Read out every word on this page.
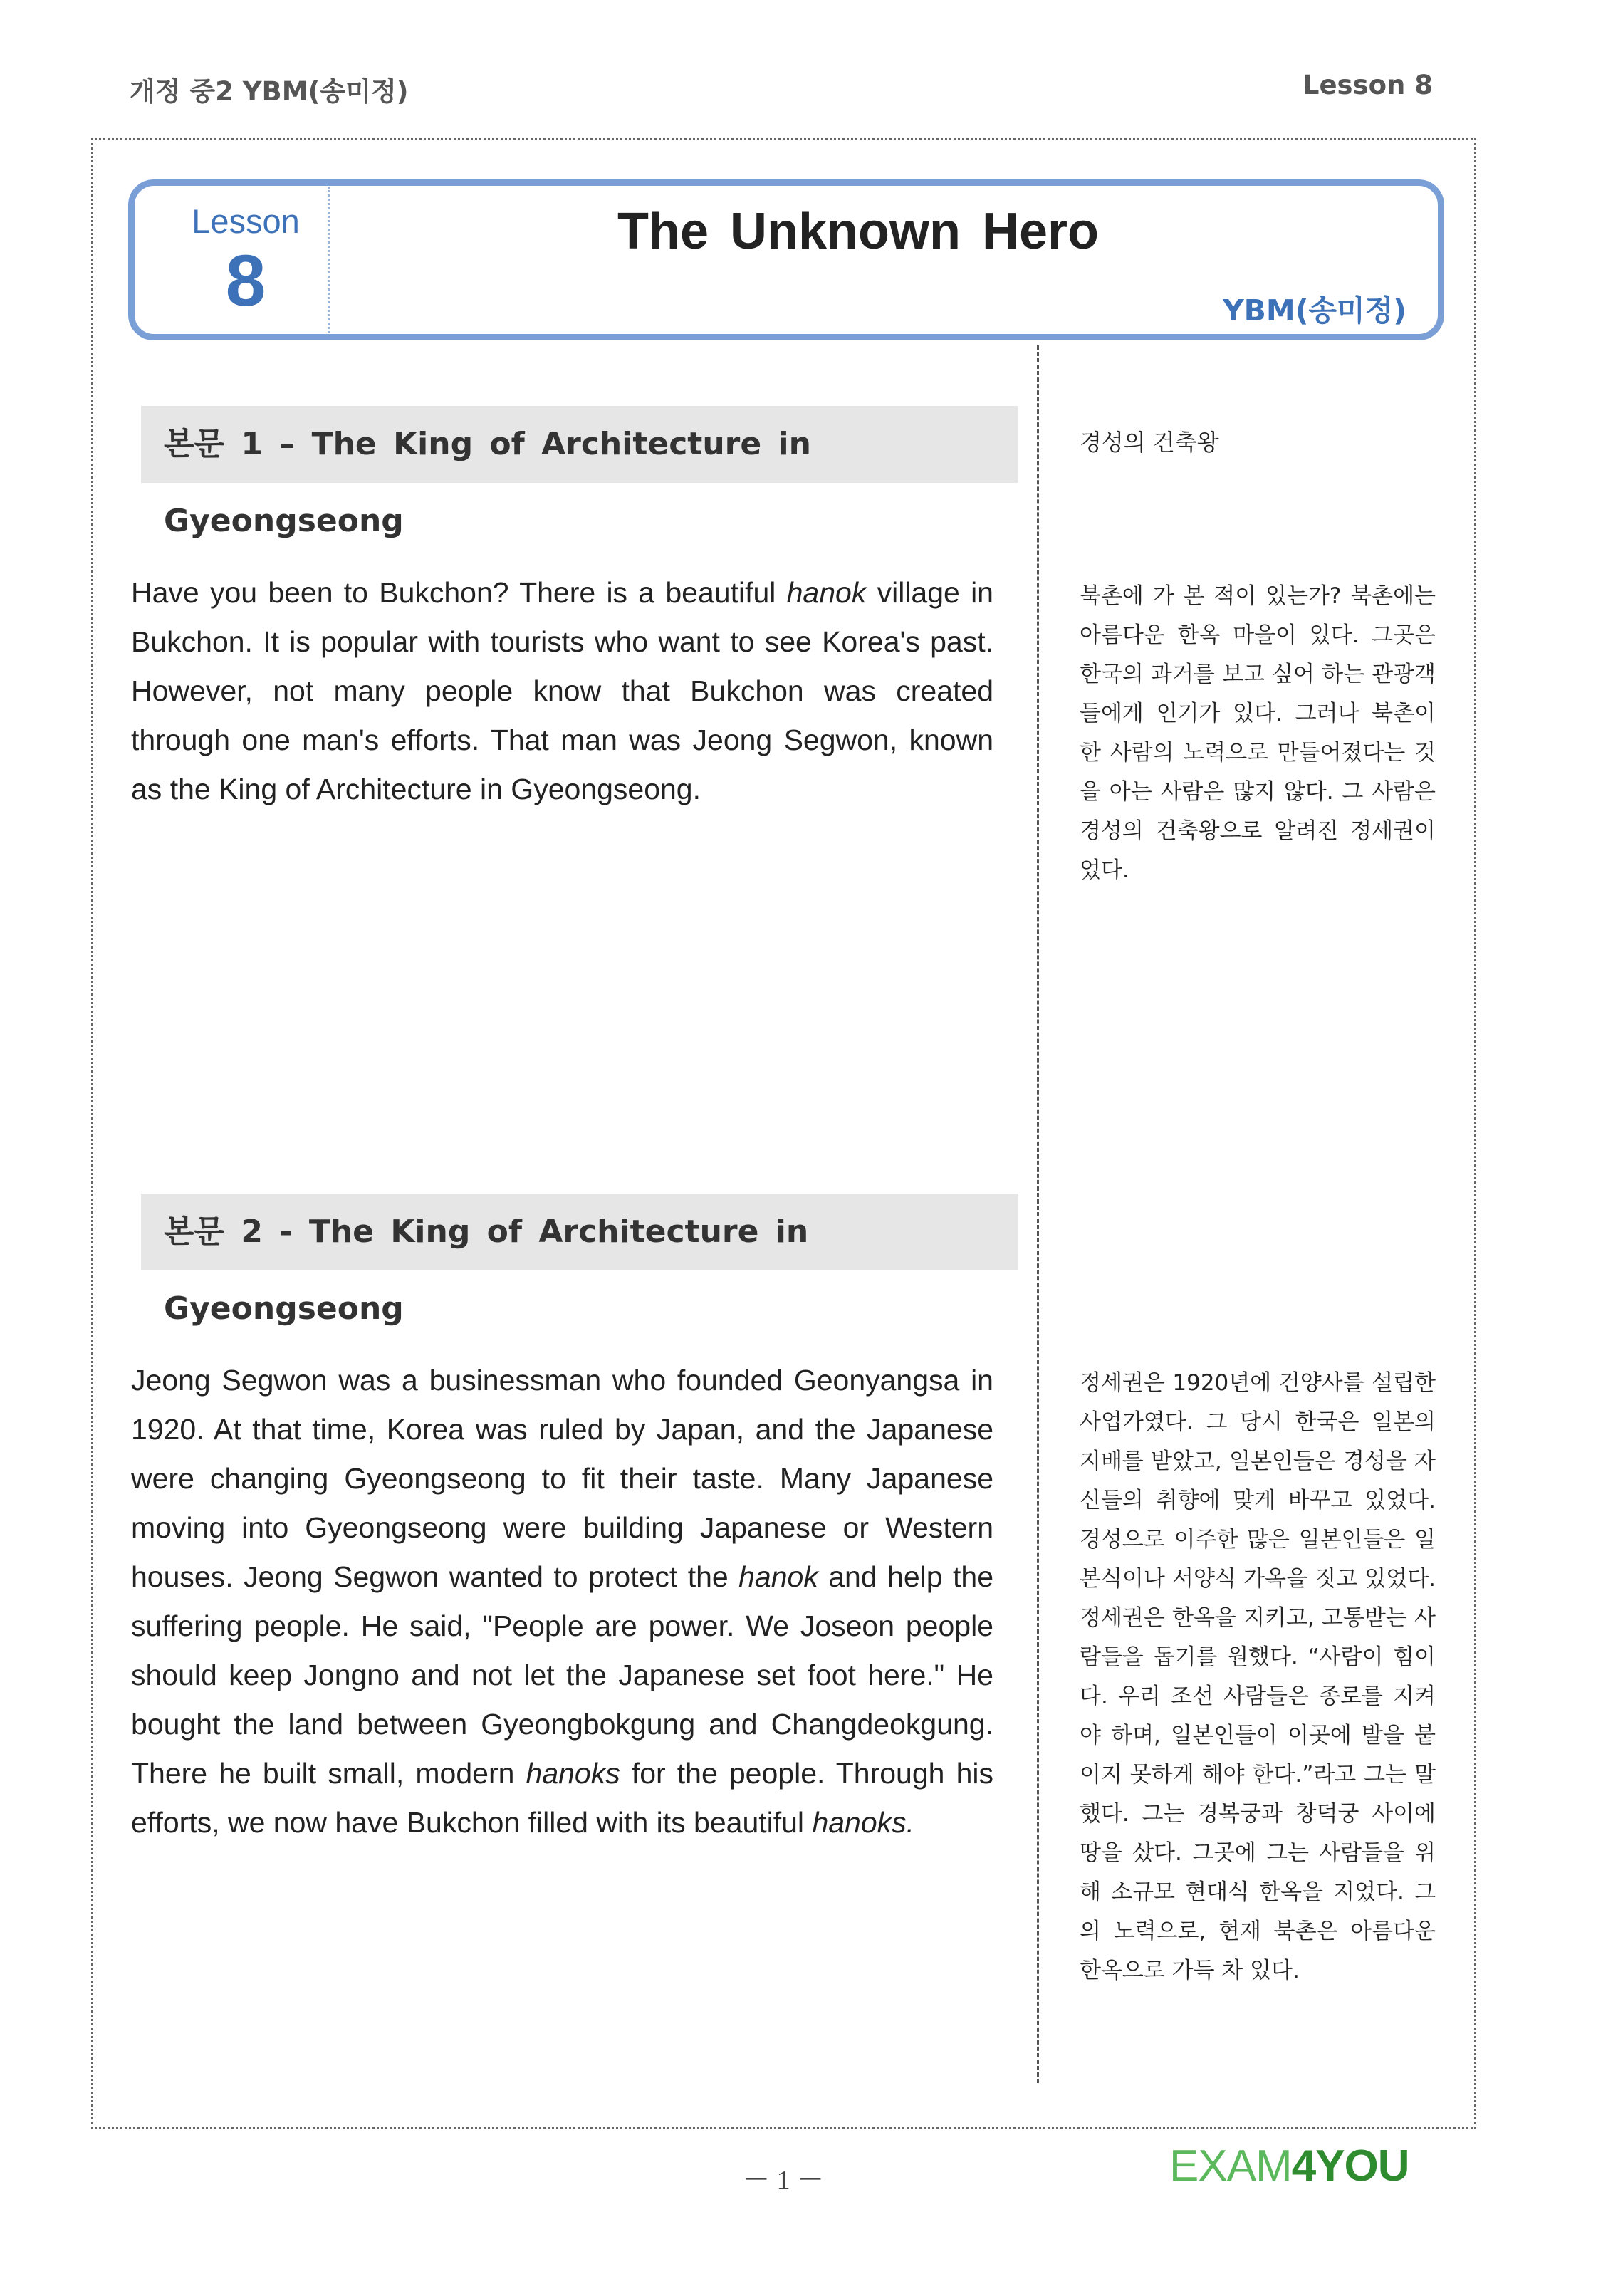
개정 중2 YBM(송미정)	Lesson 8
Lesson
8
The Unknown Hero
YBM(송미정)
본문 1 – The King of Architecture in Gyeongseong
Have you been to Bukchon? There is a beautiful hanok village in Bukchon. It is popular with tourists who want to see Korea's past. However, not many people know that Bukchon was created through one man's efforts. That man was Jeong Segwon, known as the King of Architecture in Gyeongseong.
경성의 건축왕
북촌에 가 본 적이 있는가? 북촌에는 아름다운 한옥 마을이 있다. 그곳은 한국의 과거를 보고 싶어 하는 관광객들에게 인기가 있다. 그러나 북촌이 한 사람의 노력으로 만들어졌다는 것을 아는 사람은 많지 않다. 그 사람은 경성의 건축왕으로 알려진 정세권이었다.
본문 2 - The King of Architecture in Gyeongseong
Jeong Segwon was a businessman who founded Geonyangsa in 1920. At that time, Korea was ruled by Japan, and the Japanese were changing Gyeongseong to fit their taste. Many Japanese moving into Gyeongseong were building Japanese or Western houses. Jeong Segwon wanted to protect the hanok and help the suffering people. He said, "People are power. We Joseon people should keep Jongno and not let the Japanese set foot here." He bought the land between Gyeongbokgung and Changdeokgung. There he built small, modern hanoks for the people. Through his efforts, we now have Bukchon filled with its beautiful hanoks.
정세권은 1920년에 건양사를 설립한 사업가였다. 그 당시 한국은 일본의 지배를 받았고, 일본인들은 경성을 자신들의 취향에 맞게 바꾸고 있었다. 경성으로 이주한 많은 일본인들은 일본식이나 서양식 가옥을 짓고 있었다. 정세권은 한옥을 지키고, 고통받는 사람들을 돕기를 원했다. “사람이 힘이다. 우리 조선 사람들은 종로를 지켜야 하며, 일본인들이 이곳에 발을 붙이지 못하게 해야 한다.”라고 그는 말했다. 그는 경복궁과 창덕궁 사이에 땅을 샀다. 그곳에 그는 사람들을 위해 소규모 현대식 한옥을 지었다. 그의 노력으로, 현재 북촌은 아름다운 한옥으로 가득 차 있다.
－ 1 －	EXAM4YOU
